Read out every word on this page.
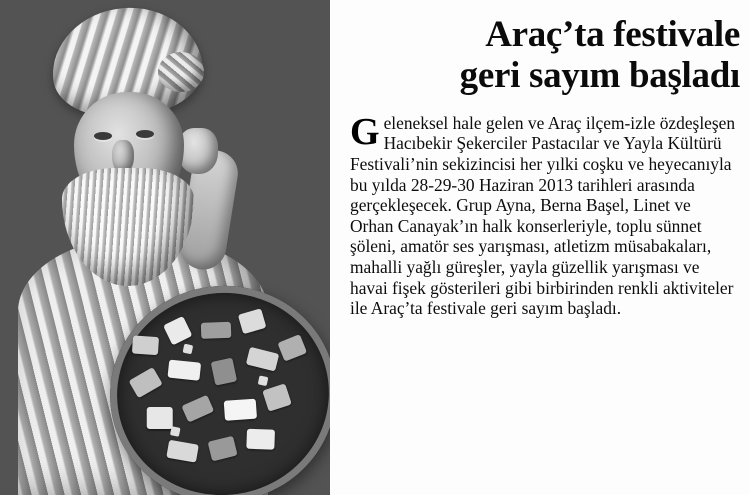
Araç’ta festivale
geri sayım başladı
G eleneksel hale gelen ve Araç ilçem-izle özdeşleşen Hacıbekir Şekerciler Pastacılar ve Yayla Kültürü Festivali’nin sekizincisi her yılki coşku ve heyecanıyla bu yılda 28-29-30 Haziran 2013 tarihleri arasında gerçekleşecek. Grup Ayna, Berna Başel, Linet ve Orhan Canayak’ın halk konserleriyle, toplu sünnet şöleni, amatör ses yarışması, atletizm müsabakaları, mahalli yağlı güreşler, yayla güzellik yarışması ve havai fişek gösterileri gibi birbirinden renkli aktiviteler ile Araç’ta festivale geri sayım başladı.
